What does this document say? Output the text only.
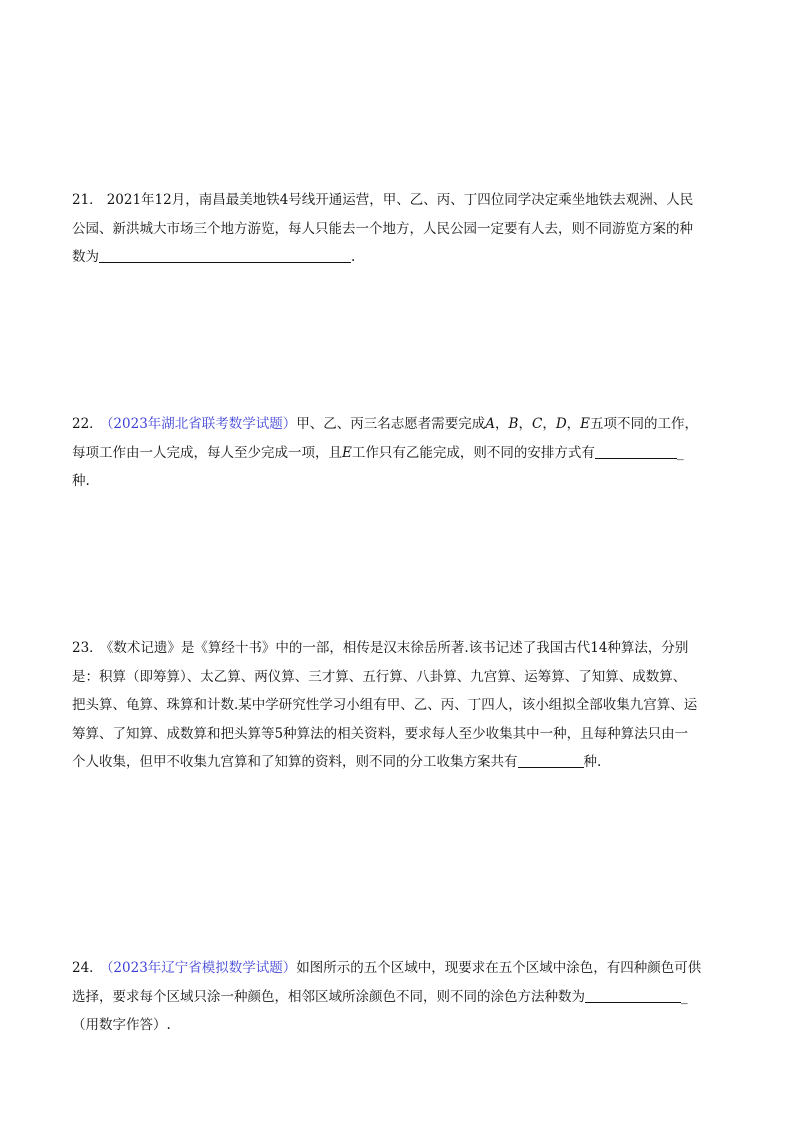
21． 2021年12月，南昌最美地铁4号线开通运营，甲、乙、丙、丁四位同学决定乘坐地铁去观洲、人民
公园、新洪城大市场三个地方游览，每人只能去一个地方，人民公园一定要有人去，则不同游览方案的种
数为	.
22． （2023年湖北省联考数学试题）甲、乙、丙三名志愿者需要完成A，B，C，D，E五项不同的工作，
每项工作由一人完成，每人至少完成一项，且E工作只有乙能完成，则不同的安排方式有	_
种.
23． 《数术记遗》是《算经十书》中的一部，相传是汉末徐岳所著.该书记述了我国古代14种算法，分别
是：积算（即筹算）、太乙算、两仪算、三才算、五行算、八卦算、九宫算、运筹算、了知算、成数算、
把头算、龟算、珠算和计数.某中学研究性学习小组有甲、乙、丙、丁四人，该小组拟全部收集九宫算、运
筹算、了知算、成数算和把头算等5种算法的相关资料，要求每人至少收集其中一种，且每种算法只由一
个人收集，但甲不收集九宫算和了知算的资料，则不同的分工收集方案共有	种.
24． （2023年辽宁省模拟数学试题）如图所示的五个区域中，现要求在五个区域中涂色，有四种颜色可供
选择，要求每个区域只涂一种颜色，相邻区域所涂颜色不同，则不同的涂色方法种数为	_
（用数字作答）.
